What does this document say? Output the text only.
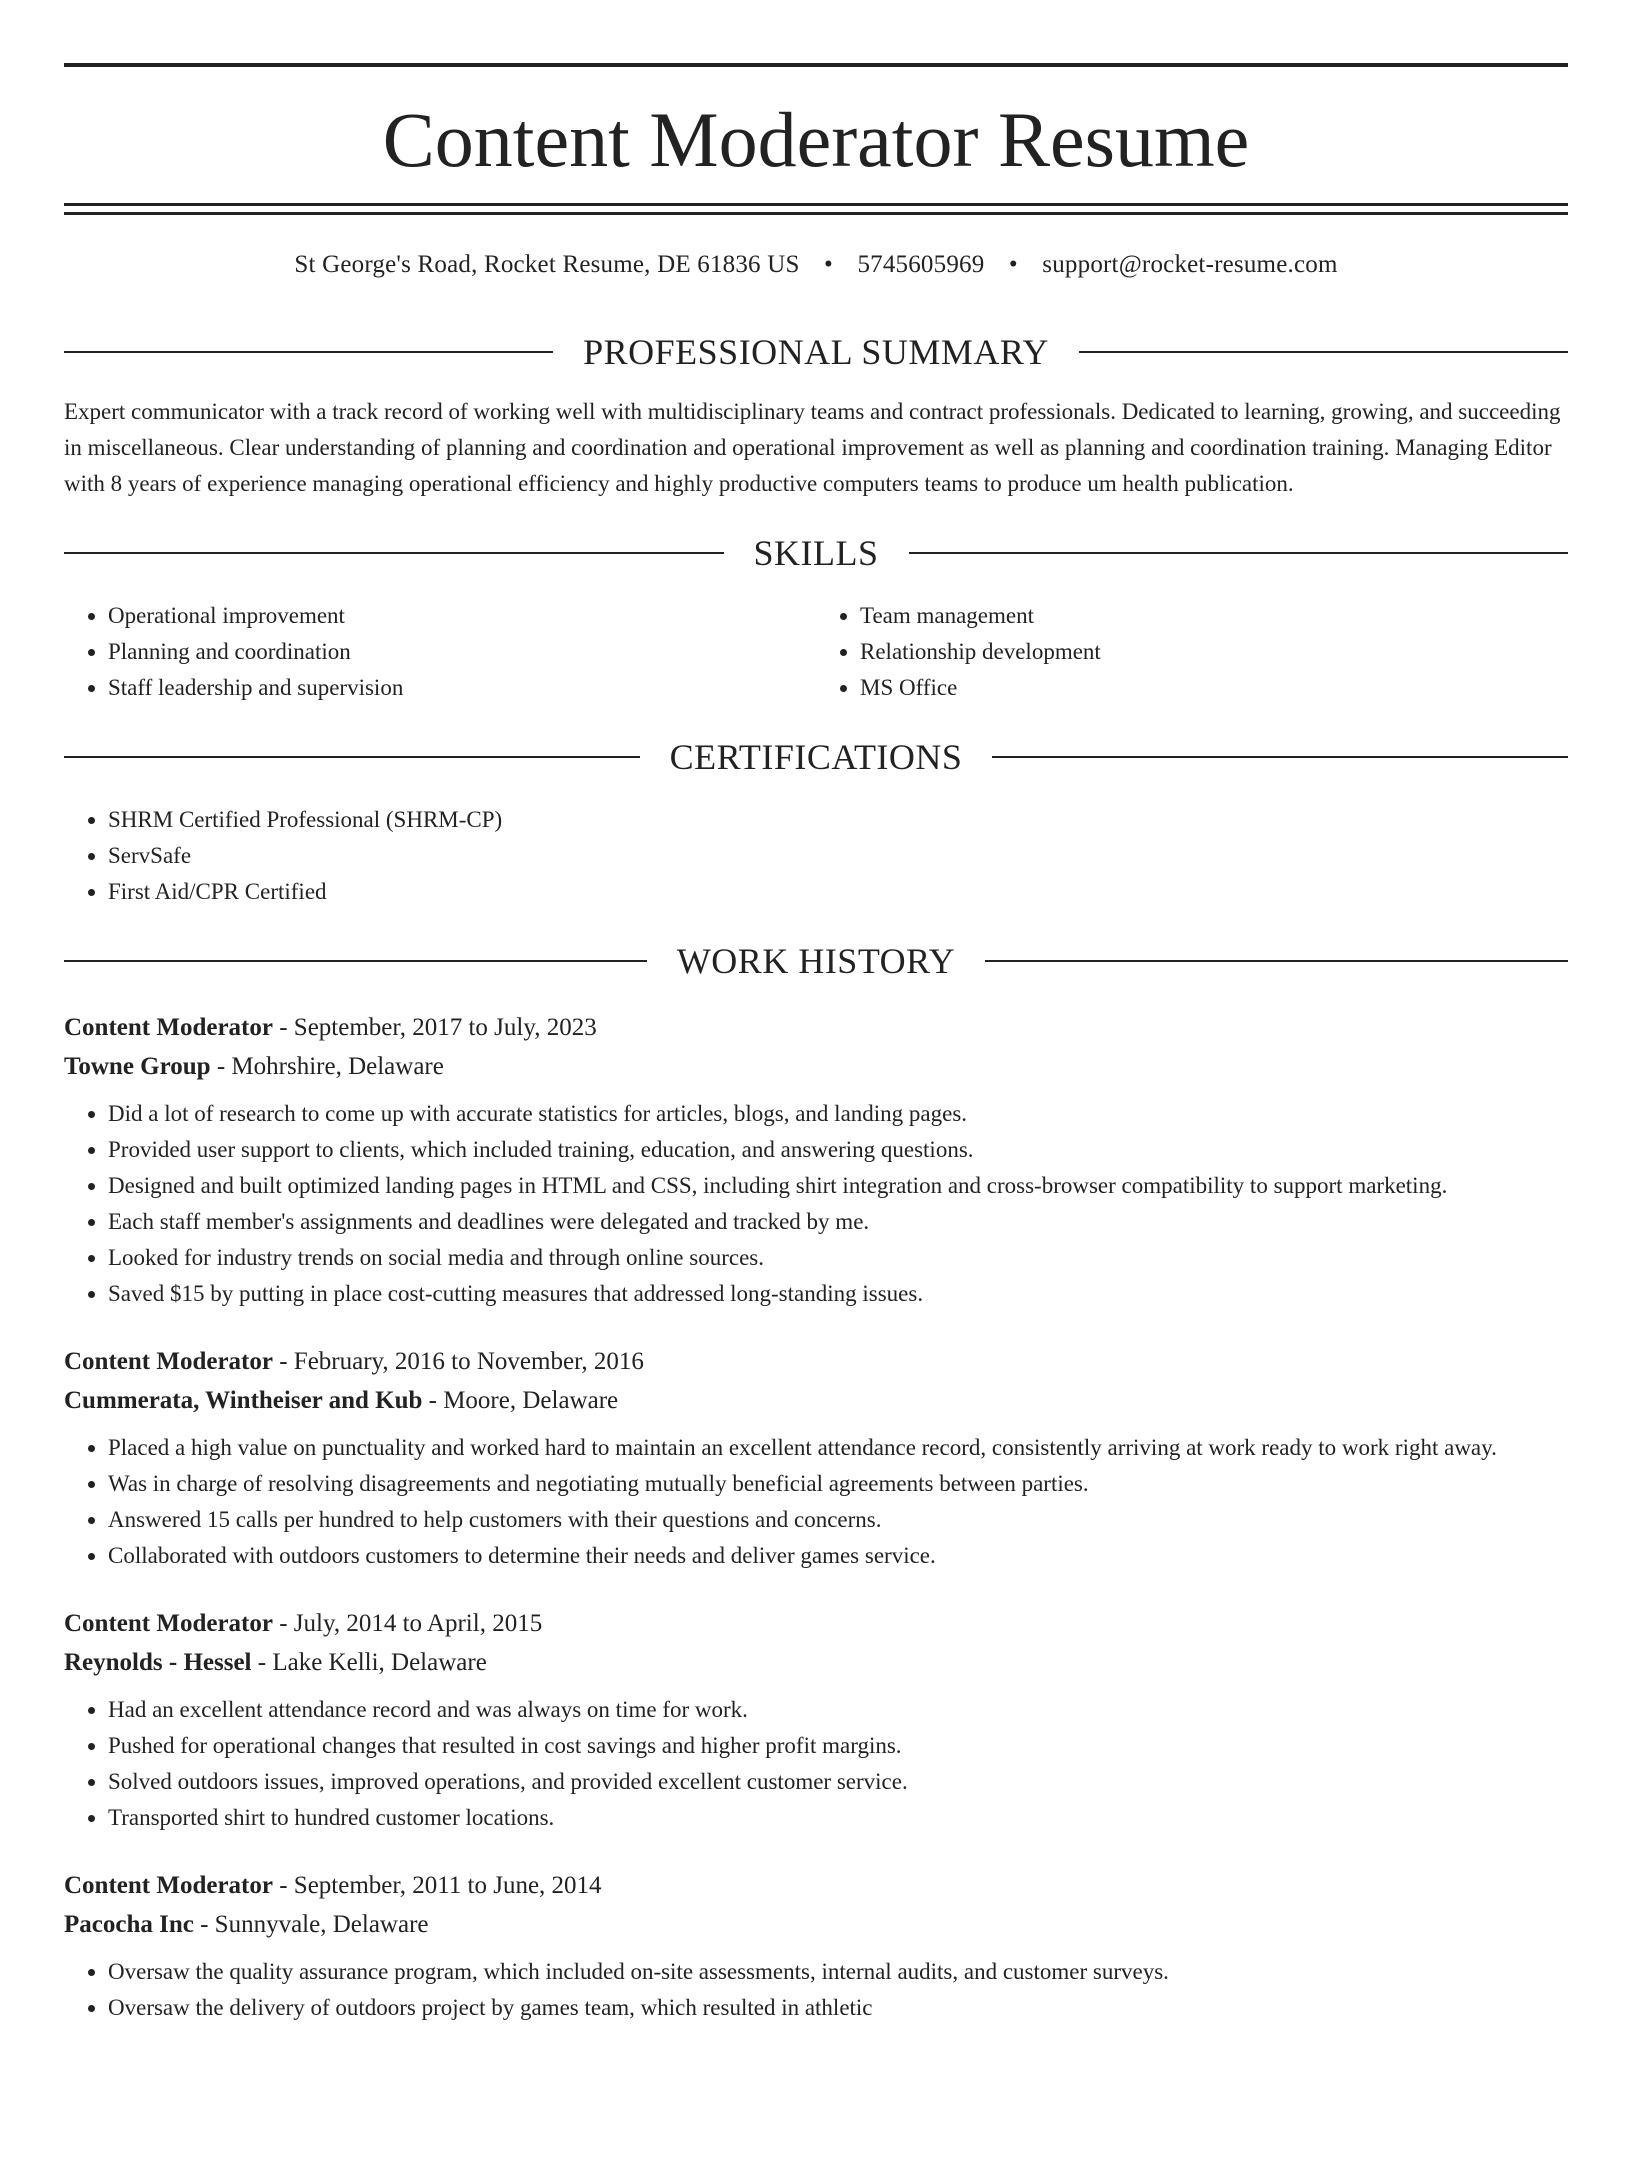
Content Moderator Resume
St George's Road, Rocket Resume, DE 61836 US • 5745605969 • support@rocket-resume.com
PROFESSIONAL SUMMARY

Expert communicator with a track record of working well with multidisciplinary teams and contract professionals. Dedicated to learning, growing, and succeeding in miscellaneous. Clear understanding of planning and coordination and operational improvement as well as planning and coordination training. Managing Editor with 8 years of experience managing operational efficiency and highly productive computers teams to produce um health publication.

SKILLS
• Operational improvement
• Planning and coordination
• Staff leadership and supervision
• Team management
• Relationship development
• MS Office
CERTIFICATIONS
• SHRM Certified Professional (SHRM-CP)
• ServSafe
• First Aid/CPR Certified
WORK HISTORY
Content Moderator - September, 2017 to July, 2023
Towne Group - Mohrshire, Delaware
• Did a lot of research to come up with accurate statistics for articles, blogs, and landing pages.
• Provided user support to clients, which included training, education, and answering questions.
• Designed and built optimized landing pages in HTML and CSS, including shirt integration and cross-browser compatibility to support marketing.
• Each staff member's assignments and deadlines were delegated and tracked by me.
• Looked for industry trends on social media and through online sources.
• Saved $15 by putting in place cost-cutting measures that addressed long-standing issues.
Content Moderator - February, 2016 to November, 2016
Cummerata, Wintheiser and Kub - Moore, Delaware
• Placed a high value on punctuality and worked hard to maintain an excellent attendance record, consistently arriving at work ready to work right away.
• Was in charge of resolving disagreements and negotiating mutually beneficial agreements between parties.
• Answered 15 calls per hundred to help customers with their questions and concerns.
• Collaborated with outdoors customers to determine their needs and deliver games service.
Content Moderator - July, 2014 to April, 2015
Reynolds - Hessel - Lake Kelli, Delaware
• Had an excellent attendance record and was always on time for work.
• Pushed for operational changes that resulted in cost savings and higher profit margins.
• Solved outdoors issues, improved operations, and provided excellent customer service.
• Transported shirt to hundred customer locations.
Content Moderator - September, 2011 to June, 2014
Pacocha Inc - Sunnyvale, Delaware
• Oversaw the quality assurance program, which included on-site assessments, internal audits, and customer surveys.
• Oversaw the delivery of outdoors project by games team, which resulted in athletic
